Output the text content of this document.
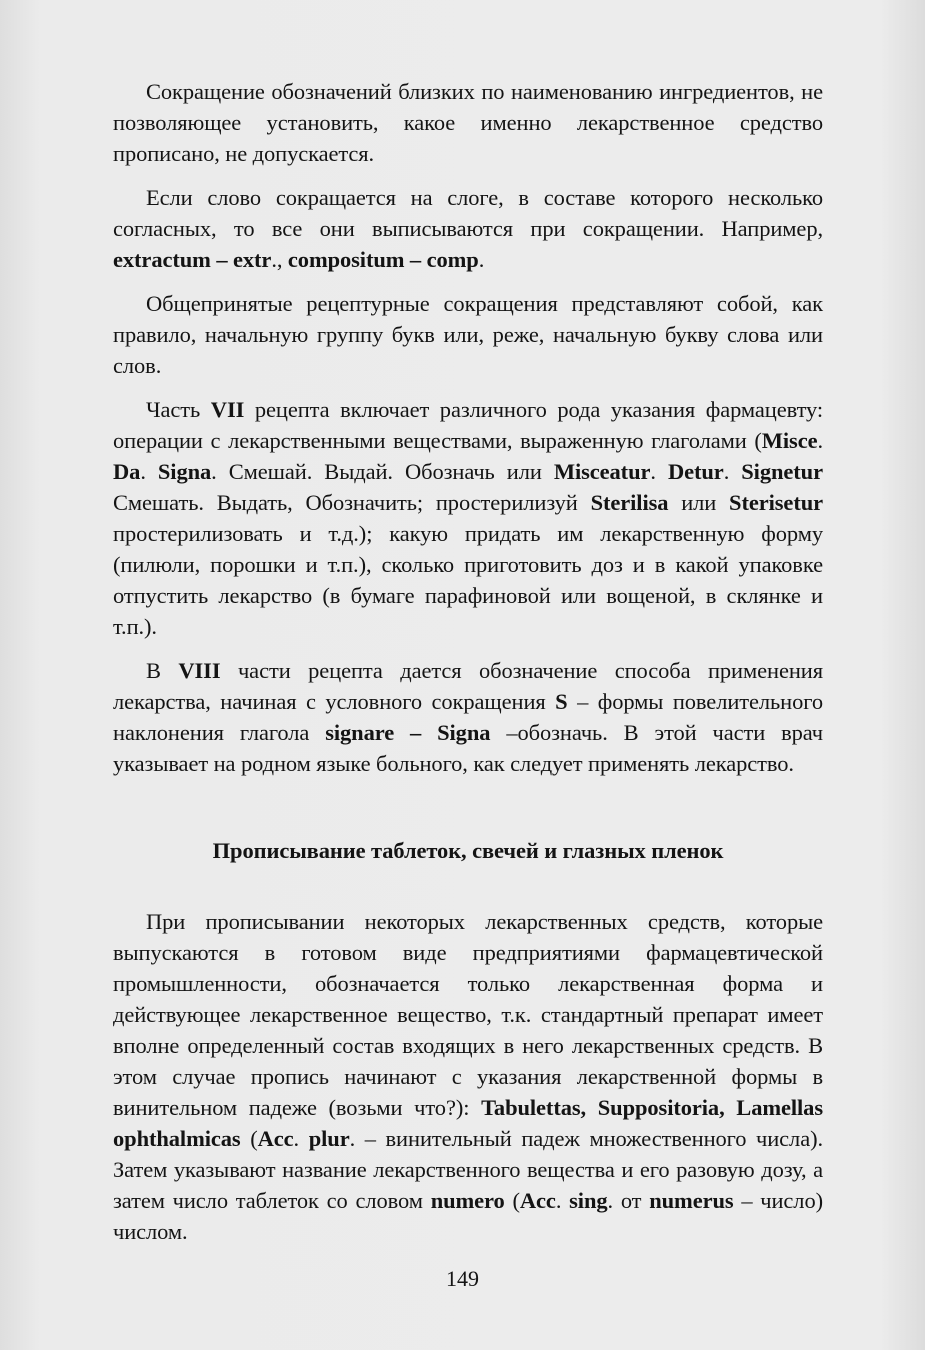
Сокращение обозначений близких по наименованию ингредиентов, не позволяющее установить, какое именно лекарственное средство прописано, не допускается.

Если слово сокращается на слоге, в составе которого несколько согласных, то все они выписываются при сокращении. Например, extractum – extr., compositum – comp.

Общепринятые рецептурные сокращения представляют собой, как правило, начальную группу букв или, реже, начальную букву слова или слов.

Часть VII рецепта включает различного рода указания фармацевту: операции с лекарственными веществами, выраженную глаголами (Misce. Da. Signa. Смешай. Выдай. Обозначь или Misceatur. Detur. Signetur Смешать. Выдать, Обозначить; простерилизуй Sterilisa или Sterisetur простерилизовать и т.д.); какую придать им лекарственную форму (пилюли, порошки и т.п.), сколько приготовить доз и в какой упаковке отпустить лекарство (в бумаге парафиновой или вощеной, в склянке и т.п.).

В VIII части рецепта дается обозначение способа применения лекарства, начиная с условного сокращения S – формы повелительного наклонения глагола signare – Signa –обозначь. В этой части врач указывает на родном языке больного, как следует применять лекарство.

Прописывание таблеток, свечей и глазных пленок

При прописывании некоторых лекарственных средств, которые выпускаются в готовом виде предприятиями фармацевтической промышленности, обозначается только лекарственная форма и действующее лекарственное вещество, т.к. стандартный препарат имеет вполне определенный состав входящих в него лекарственных средств. В этом случае пропись начинают с указания лекарственной формы в винительном падеже (возьми что?): Tabulettas, Suppositoria, Lamellas ophthalmicas (Acc. plur. – винительный падеж множественного числа). Затем указывают название лекарственного вещества и его разовую дозу, а затем число таблеток со словом numero (Acc. sing. от numerus – число) числом.

149
